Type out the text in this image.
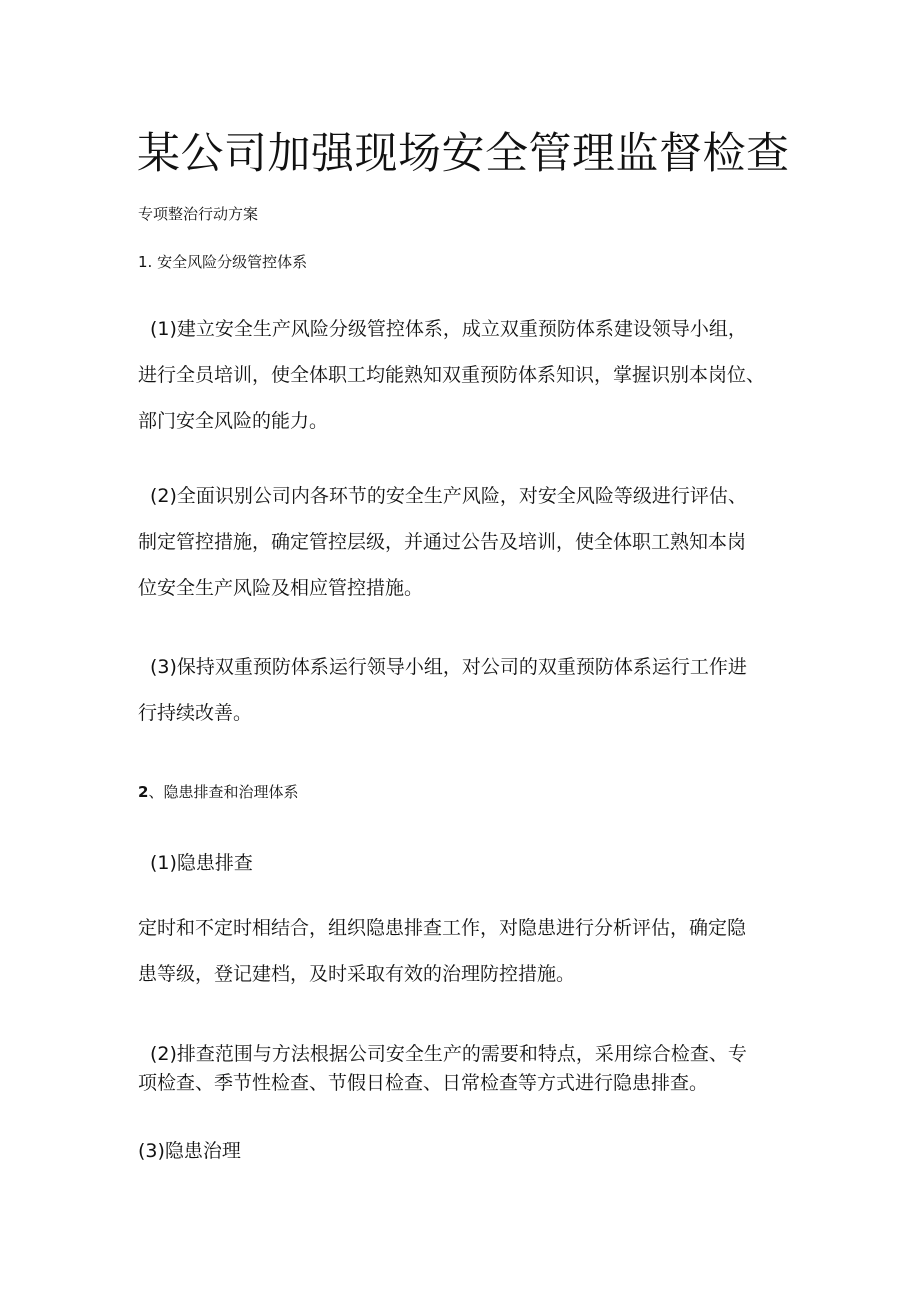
某公司加强现场安全管理监督检查

专项整治行动方案

1. 安全风险分级管控体系
(1)建立安全生产风险分级管控体系，成立双重预防体系建设领导小组，
进行全员培训，使全体职工均能熟知双重预防体系知识，掌握识别本岗位、
部门安全风险的能力。
(2)全面识别公司内各环节的安全生产风险，对安全风险等级进行评估、
制定管控措施，确定管控层级，并通过公告及培训，使全体职工熟知本岗
位安全生产风险及相应管控措施。
(3)保持双重预防体系运行领导小组，对公司的双重预防体系运行工作进
行持续改善。
2、隐患排查和治理体系
(1)隐患排查
定时和不定时相结合，组织隐患排查工作，对隐患进行分析评估，确定隐
患等级，登记建档，及时采取有效的治理防控措施。
(2)排查范围与方法根据公司安全生产的需要和特点，采用综合检查、专
项检查、季节性检查、节假日检查、日常检查等方式进行隐患排查。
(3)隐患治理
